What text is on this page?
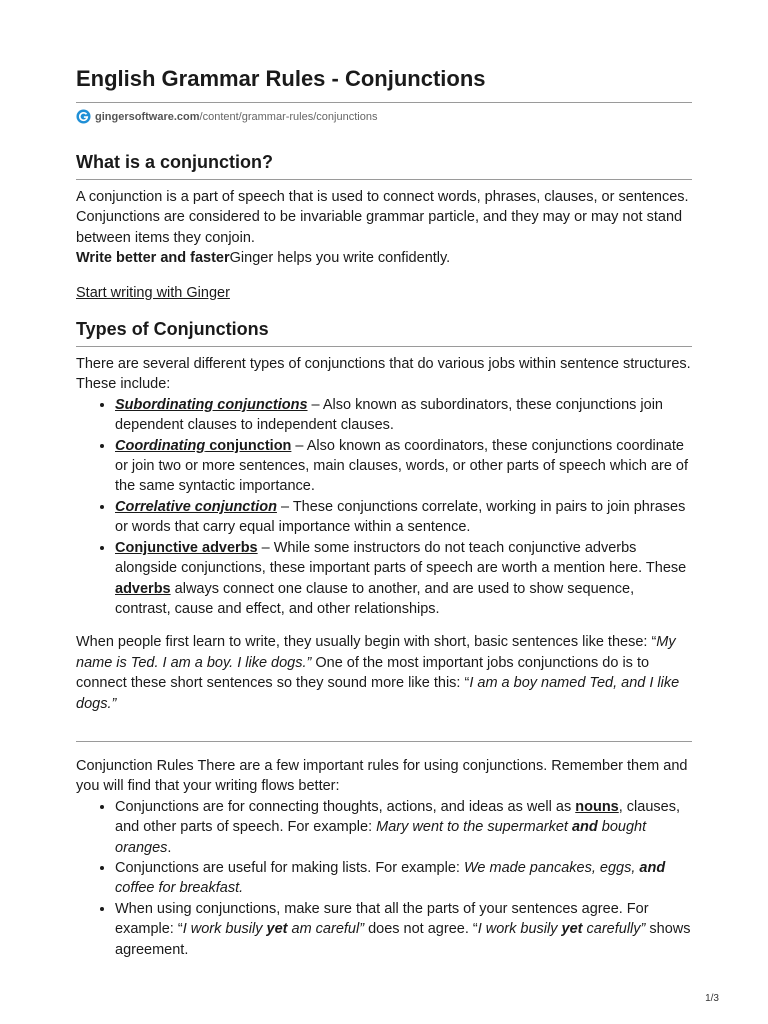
English Grammar Rules - Conjunctions
gingersoftware.com /content/grammar-rules/conjunctions
What is a conjunction?

A conjunction is a part of speech that is used to connect words, phrases, clauses, or sentences. Conjunctions are considered to be invariable grammar particle, and they may or may not stand between items they conjoin.

Write better and fasterGinger helps you write confidently.

Start writing with Ginger
Types of Conjunctions

There are several different types of conjunctions that do various jobs within sentence structures. These include:

• Subordinating conjunctions – Also known as subordinators, these conjunctions join dependent clauses to independent clauses.
• Coordinating conjunction – Also known as coordinators, these conjunctions coordinate or join two or more sentences, main clauses, words, or other parts of speech which are of the same syntactic importance.
• Correlative conjunction – These conjunctions correlate, working in pairs to join phrases or words that carry equal importance within a sentence.
• Conjunctive adverbs – While some instructors do not teach conjunctive adverbs alongside conjunctions, these important parts of speech are worth a mention here. These adverbs always connect one clause to another, and are used to show sequence, contrast, cause and effect, and other relationships.

When people first learn to write, they usually begin with short, basic sentences like these: “My name is Ted. I am a boy. I like dogs.” One of the most important jobs conjunctions do is to connect these short sentences so they sound more like this: “I am a boy named Ted, and I like dogs.”

Conjunction Rules There are a few important rules for using conjunctions. Remember them and you will find that your writing flows better:

• Conjunctions are for connecting thoughts, actions, and ideas as well as nouns, clauses, and other parts of speech. For example: Mary went to the supermarket and bought oranges.
• Conjunctions are useful for making lists. For example: We made pancakes, eggs, and coffee for breakfast.
• When using conjunctions, make sure that all the parts of your sentences agree. For example: “I work busily yet am careful” does not agree. “I work busily yet carefully” shows agreement.
1/3
